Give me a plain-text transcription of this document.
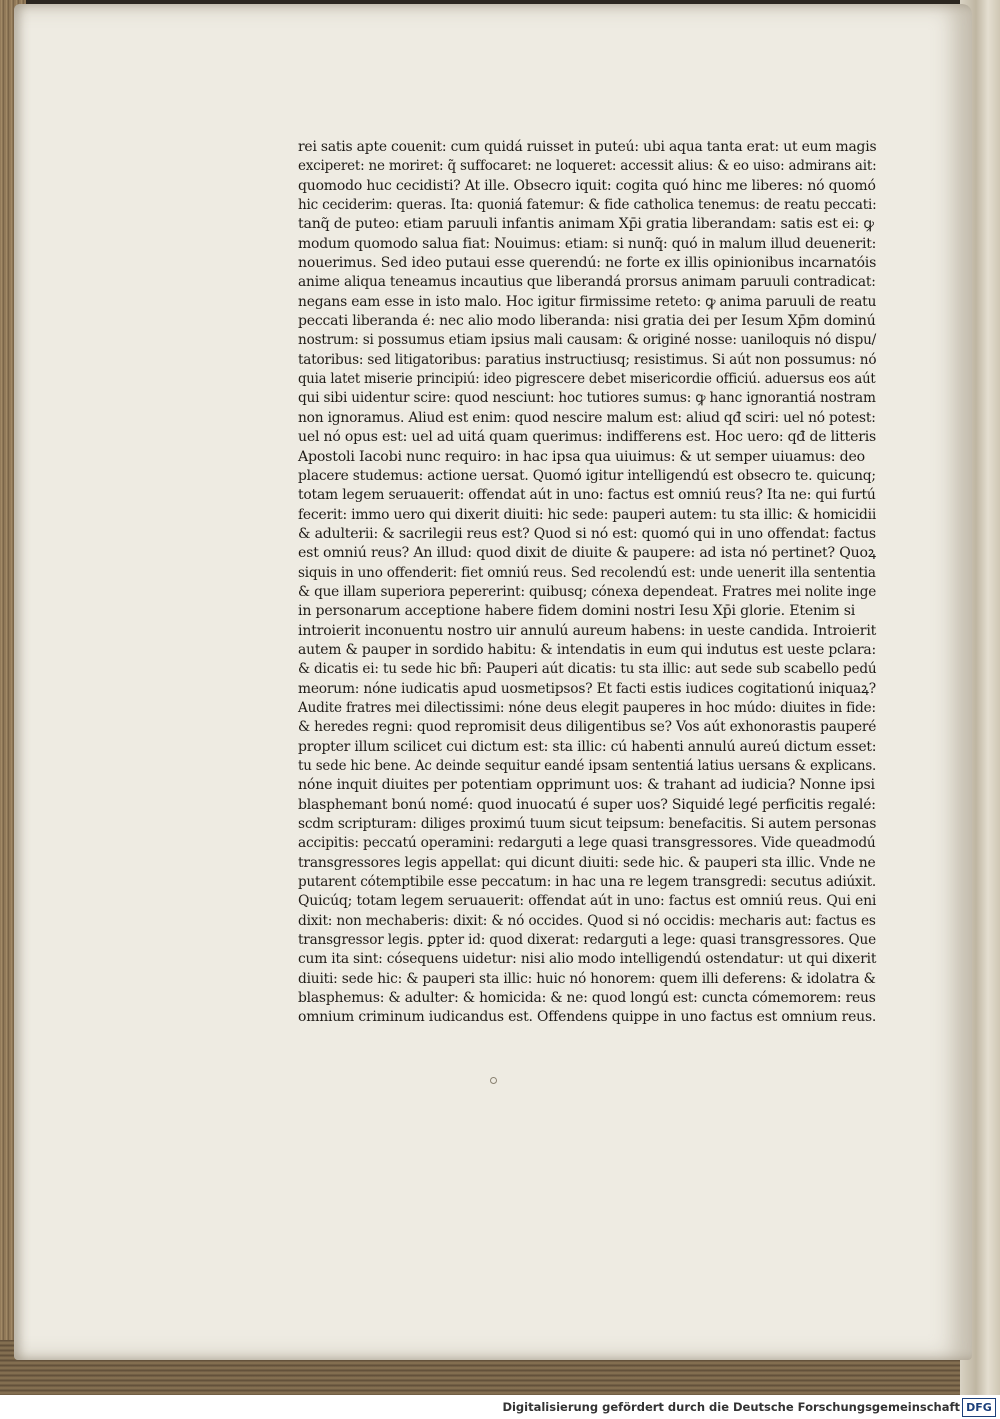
rei satis apte couenit: cum quidá ruisset in puteú: ubi aqua tanta erat: ut eum magis
exciperet: ne moriret: q̃ suffocaret: ne loqueret: accessit alius: & eo uiso: admirans ait:
quomodo huc cecidisti? At ille. Obsecro iquit: cogita quó hinc me liberes: nó quomó
hic ceciderim: queras. Ita: quoniá fatemur: & fide catholica tenemus: de reatu peccati:
tanq̃ de puteo: etiam paruuli infantis animam Xp̄i gratia liberandam: satis est ei: ꝙ
modum quomodo salua fiat: Nouimus: etiam: si nunq̃: quó in malum illud deuenerit:
nouerimus. Sed ideo putaui esse querendú: ne forte ex illis opinionibus incarnatóis
anime aliqua teneamus incautius que liberandá prorsus animam paruuli contradicat:
negans eam esse in isto malo. Hoc igitur firmissime reteto: ꝙ anima paruuli de reatu
peccati liberanda é: nec alio modo liberanda: nisi gratia dei per Iesum Xp̄m dominú
nostrum: si possumus etiam ipsius mali causam: & originé nosse: uaniloquis nó dispu/
tatoribus: sed litigatoribus: paratius instructiusq; resistimus. Si aút non possumus: nó
quia latet miserie principiú: ideo pigrescere debet misericordie officiú. aduersus eos aút
qui sibi uidentur scire: quod nesciunt: hoc tutiores sumus: ꝙ hanc ignorantiá nostram
non ignoramus. Aliud est enim: quod nescire malum est: aliud qđ sciri: uel nó potest:
uel nó opus est: uel ad uitá quam querimus: indifferens est. Hoc uero: qđ de litteris
Apostoli Iacobi nunc requiro: in hac ipsa qua uiuimus: & ut semper uiuamus: deo
placere studemus: actione uersat. Quomó igitur intelligendú est obsecro te. quicunq;
totam legem seruauerit: offendat aút in uno: factus est omniú reus? Ita ne: qui furtú
fecerit: immo uero qui dixerit diuiti: hic sede: pauperi autem: tu sta illic: & homicidii
& adulterii: & sacrilegii reus est? Quod si nó est: quomó qui in uno offendat: factus
est omniú reus? An illud: quod dixit de diuite & paupere: ad ista nó pertinet? Quoꝝ
siquis in uno offenderit: fiet omniú reus. Sed recolendú est: unde uenerit illa sententia
& que illam superiora pepererint: quibusq; cónexa dependeat. Fratres mei nolite inge
in personarum acceptione habere fidem domini nostri Iesu Xp̄i glorie. Etenim si
introierit inconuentu nostro uir annulú aureum habens: in ueste candida. Introierit
autem & pauper in sordido habitu: & intendatis in eum qui indutus est ueste pclara:
& dicatis ei: tu sede hic bñ: Pauperi aút dicatis: tu sta illic: aut sede sub scabello pedú
meorum: nóne iudicatis apud uosmetipsos? Et facti estis iudices cogitationú iniquaꝝ?
Audite fratres mei dilectissimi: nóne deus elegit pauperes in hoc múdo: diuites in fide:
& heredes regni: quod repromisit deus diligentibus se? Vos aút exhonorastis pauperé
propter illum scilicet cui dictum est: sta illic: cú habenti annulú aureú dictum esset:
tu sede hic bene. Ac deinde sequitur eandé ipsam sententiá latius uersans & explicans.
nóne inquit diuites per potentiam opprimunt uos: & trahant ad iudicia? Nonne ipsi
blasphemant bonú nomé: quod inuocatú é super uos? Siquidé legé perficitis regalé:
scdm scripturam: diliges proximú tuum sicut teipsum: benefacitis. Si autem personas
accipitis: peccatú operamini: redarguti a lege quasi transgressores. Vide queadmodú
transgressores legis appellat: qui dicunt diuiti: sede hic. & pauperi sta illic. Vnde ne
putarent cótemptibile esse peccatum: in hac una re legem transgredi: secutus adiúxit.
Quicúq; totam legem seruauerit: offendat aút in uno: factus est omniú reus. Qui eni
dixit: non mechaberis: dixit: & nó occides. Quod si nó occidis: mecharis aut: factus es
transgressor legis. ꝑpter id: quod dixerat: redarguti a lege: quasi transgressores. Que
cum ita sint: cósequens uidetur: nisi alio modo intelligendú ostendatur: ut qui dixerit
diuiti: sede hic: & pauperi sta illic: huic nó honorem: quem illi deferens: & idolatra &
blasphemus: & adulter: & homicida: & ne: quod longú est: cuncta cómemorem: reus
omnium criminum iudicandus est. Offendens quippe in uno factus est omnium reus.
Digitalisierung gefördert durch die Deutsche Forschungsgemeinschaft DFG
